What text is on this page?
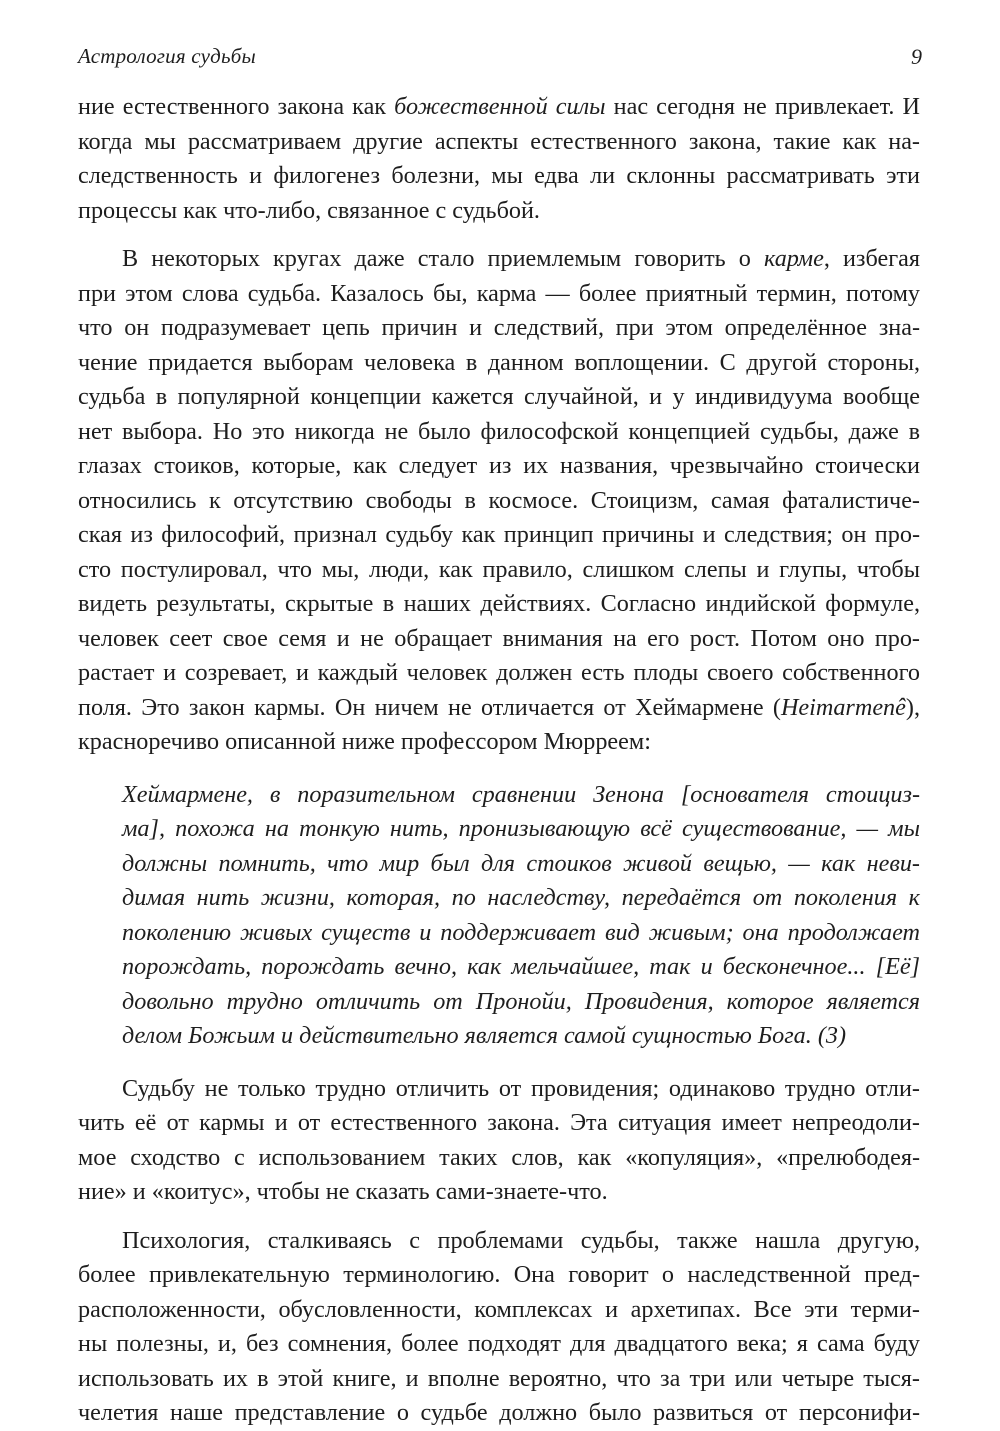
Астрология судьбы	9

ние естественного закона как божественной силы нас сегодня не привлекает. И
когда мы рассматриваем другие аспекты естественного закона, такие как на-
следственность и филогенез болезни, мы едва ли склонны рассматривать эти
процессы как что-либо, связанное с судьбой.

В некоторых кругах даже стало приемлемым говорить о карме, избегая
при этом слова судьба. Казалось бы, карма — более приятный термин, потому
что он подразумевает цепь причин и следствий, при этом определённое зна-
чение придается выборам человека в данном воплощении. С другой стороны,
судьба в популярной концепции кажется случайной, и у индивидуума вообще
нет выбора. Но это никогда не было философской концепцией судьбы, даже в
глазах стоиков, которые, как следует из их названия, чрезвычайно стоически
относились к отсутствию свободы в космосе. Стоицизм, самая фаталистиче-
ская из философий, признал судьбу как принцип причины и следствия; он про-
сто постулировал, что мы, люди, как правило, слишком слепы и глупы, чтобы
видеть результаты, скрытые в наших действиях. Согласно индийской формуле,
человек сеет свое семя и не обращает внимания на его рост. Потом оно про-
растает и созревает, и каждый человек должен есть плоды своего собственного
поля. Это закон кармы. Он ничем не отличается от Хеймармене (Heimarmenê),
красноречиво описанной ниже профессором Мюрреем:

Хеймармене, в поразительном сравнении Зенона [основателя стоициз-
ма], похожа на тонкую нить, пронизывающую всё существование, — мы
должны помнить, что мир был для стоиков живой вещью, — как неви-
димая нить жизни, которая, по наследству, передаётся от поколения к
поколению живых существ и поддерживает вид живым; она продолжает
порождать, порождать вечно, как мельчайшее, так и бесконечное... [Её]
довольно трудно отличить от Пронойи, Провидения, которое является
делом Божьим и действительно является самой сущностью Бога. (3)

Судьбу не только трудно отличить от провидения; одинаково трудно отли-
чить её от кармы и от естественного закона. Эта ситуация имеет непреодоли-
мое сходство с использованием таких слов, как «копуляция», «прелюбодея-
ние» и «коитус», чтобы не сказать сами-знаете-что.

Психология, сталкиваясь с проблемами судьбы, также нашла другую,
более привлекательную терминологию. Она говорит о наследственной пред-
расположенности, обусловленности, комплексах и архетипах. Все эти терми-
ны полезны, и, без сомнения, более подходят для двадцатого века; я сама буду
использовать их в этой книге, и вполне вероятно, что за три или четыре тыся-
челетия наше представление о судьбе должно было развиться от персонифи-
